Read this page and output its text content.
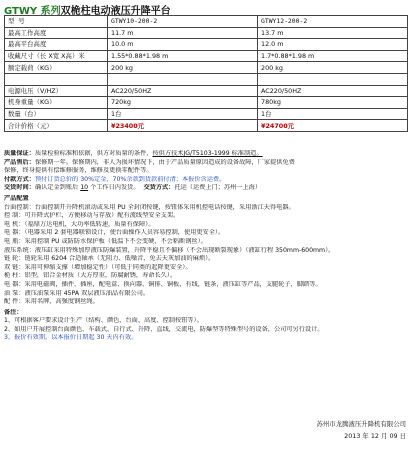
GTWY 系列双桅柱电动液压升降平台
型 号	GTWY10-200-2	GTWY12-200-2
最高工作高度	11.7 m	13.7 m
最高平台高度	10.0 m	12.0 m
收藏尺寸（长 X宽 X高）米	1.55*0.88*1.98 m	1.7*0.88*1.98 m
额定载荷（KG）	200 kg	200 kg

电源电压（V/HZ）	AC220/50HZ	AC220/50HZ
机身重量（KG）	720kg	780kg
数量（台）	1台	1台
合计价格（元）	¥23400元	¥24700元

质量保证：质量检验标准和依据，供方对质量的条件，按供方技术JG/T5103-1999 标准制造。

产品售后：保修期一年。保修期内，非人为损坏情况下，由于产品质量原因造成的设备故障，厂家提供免费

保修，终身提供有偿维修服务，维修及更换零配件等。

付款方式：预付订货总价的 30%定金，70%余款到货款前付清；本报价含运费。

交货时间：确认定金到账后 10 个工作日内发货。 交货方式：托运（运费上门；苏州一上海）

产品配置

台面控制：台面控制开升降机滚动或采用 PU 全封闭按键，按钮体采用机控电话按键，采用浙江天得电器。

控 制：可升降式护栏，方便移动与存放）配有流线型安全支架。

电 机：（福鼎万达电机，大功率低转速，质量有保障）。

电 器：（电器采用 2 套电器联锁设计，使台面操作人员容易控制，使用更安全）。

电 瓶：采用控制 PU 或防防水保护板（低温下不会变硬，不会粘断钢丝）。

液压系统：液压缸采用特殊加厚液压防爆装置，升降平稳且不偏移（不会出现断裂现象）（液缸行程 350mm-600mm）。

链 轮：链轮采用 6204 合适轴承（无阻力、低噪音、免去天灰加油的麻烦）。

双 链：采用可伸缩支撑（增加稳定性）（可低于同类的起降更安全）。

桅 柱：铝型，铝合金材质（大方厚重，防腐耐锈，寿命长久）。

电 器：采用电磁阀，插件、插座，配电盒、换向器、铜排、铜板，有线，链条，液压缸等产品，支腿轮子，脚踏等。

油 泵：液压油泵采用 45PA 双层液压油品有限公司。

配 件：采用名牌，高强度钢丝绳。

备注：

1、可根据客户要求设计生产（结构、颜色、台面、高度、控制按钮等）。

2、如用户开展控制台面颜色、车载式、自行式、升降、直线，交流电，防爆型等特殊型号的设备，公司可另行设计。

3、报价有效期，以本报价日期起 30 天内有效。

苏州市龙腾液压升降机有限公司
2013 年 12 月 09 日
